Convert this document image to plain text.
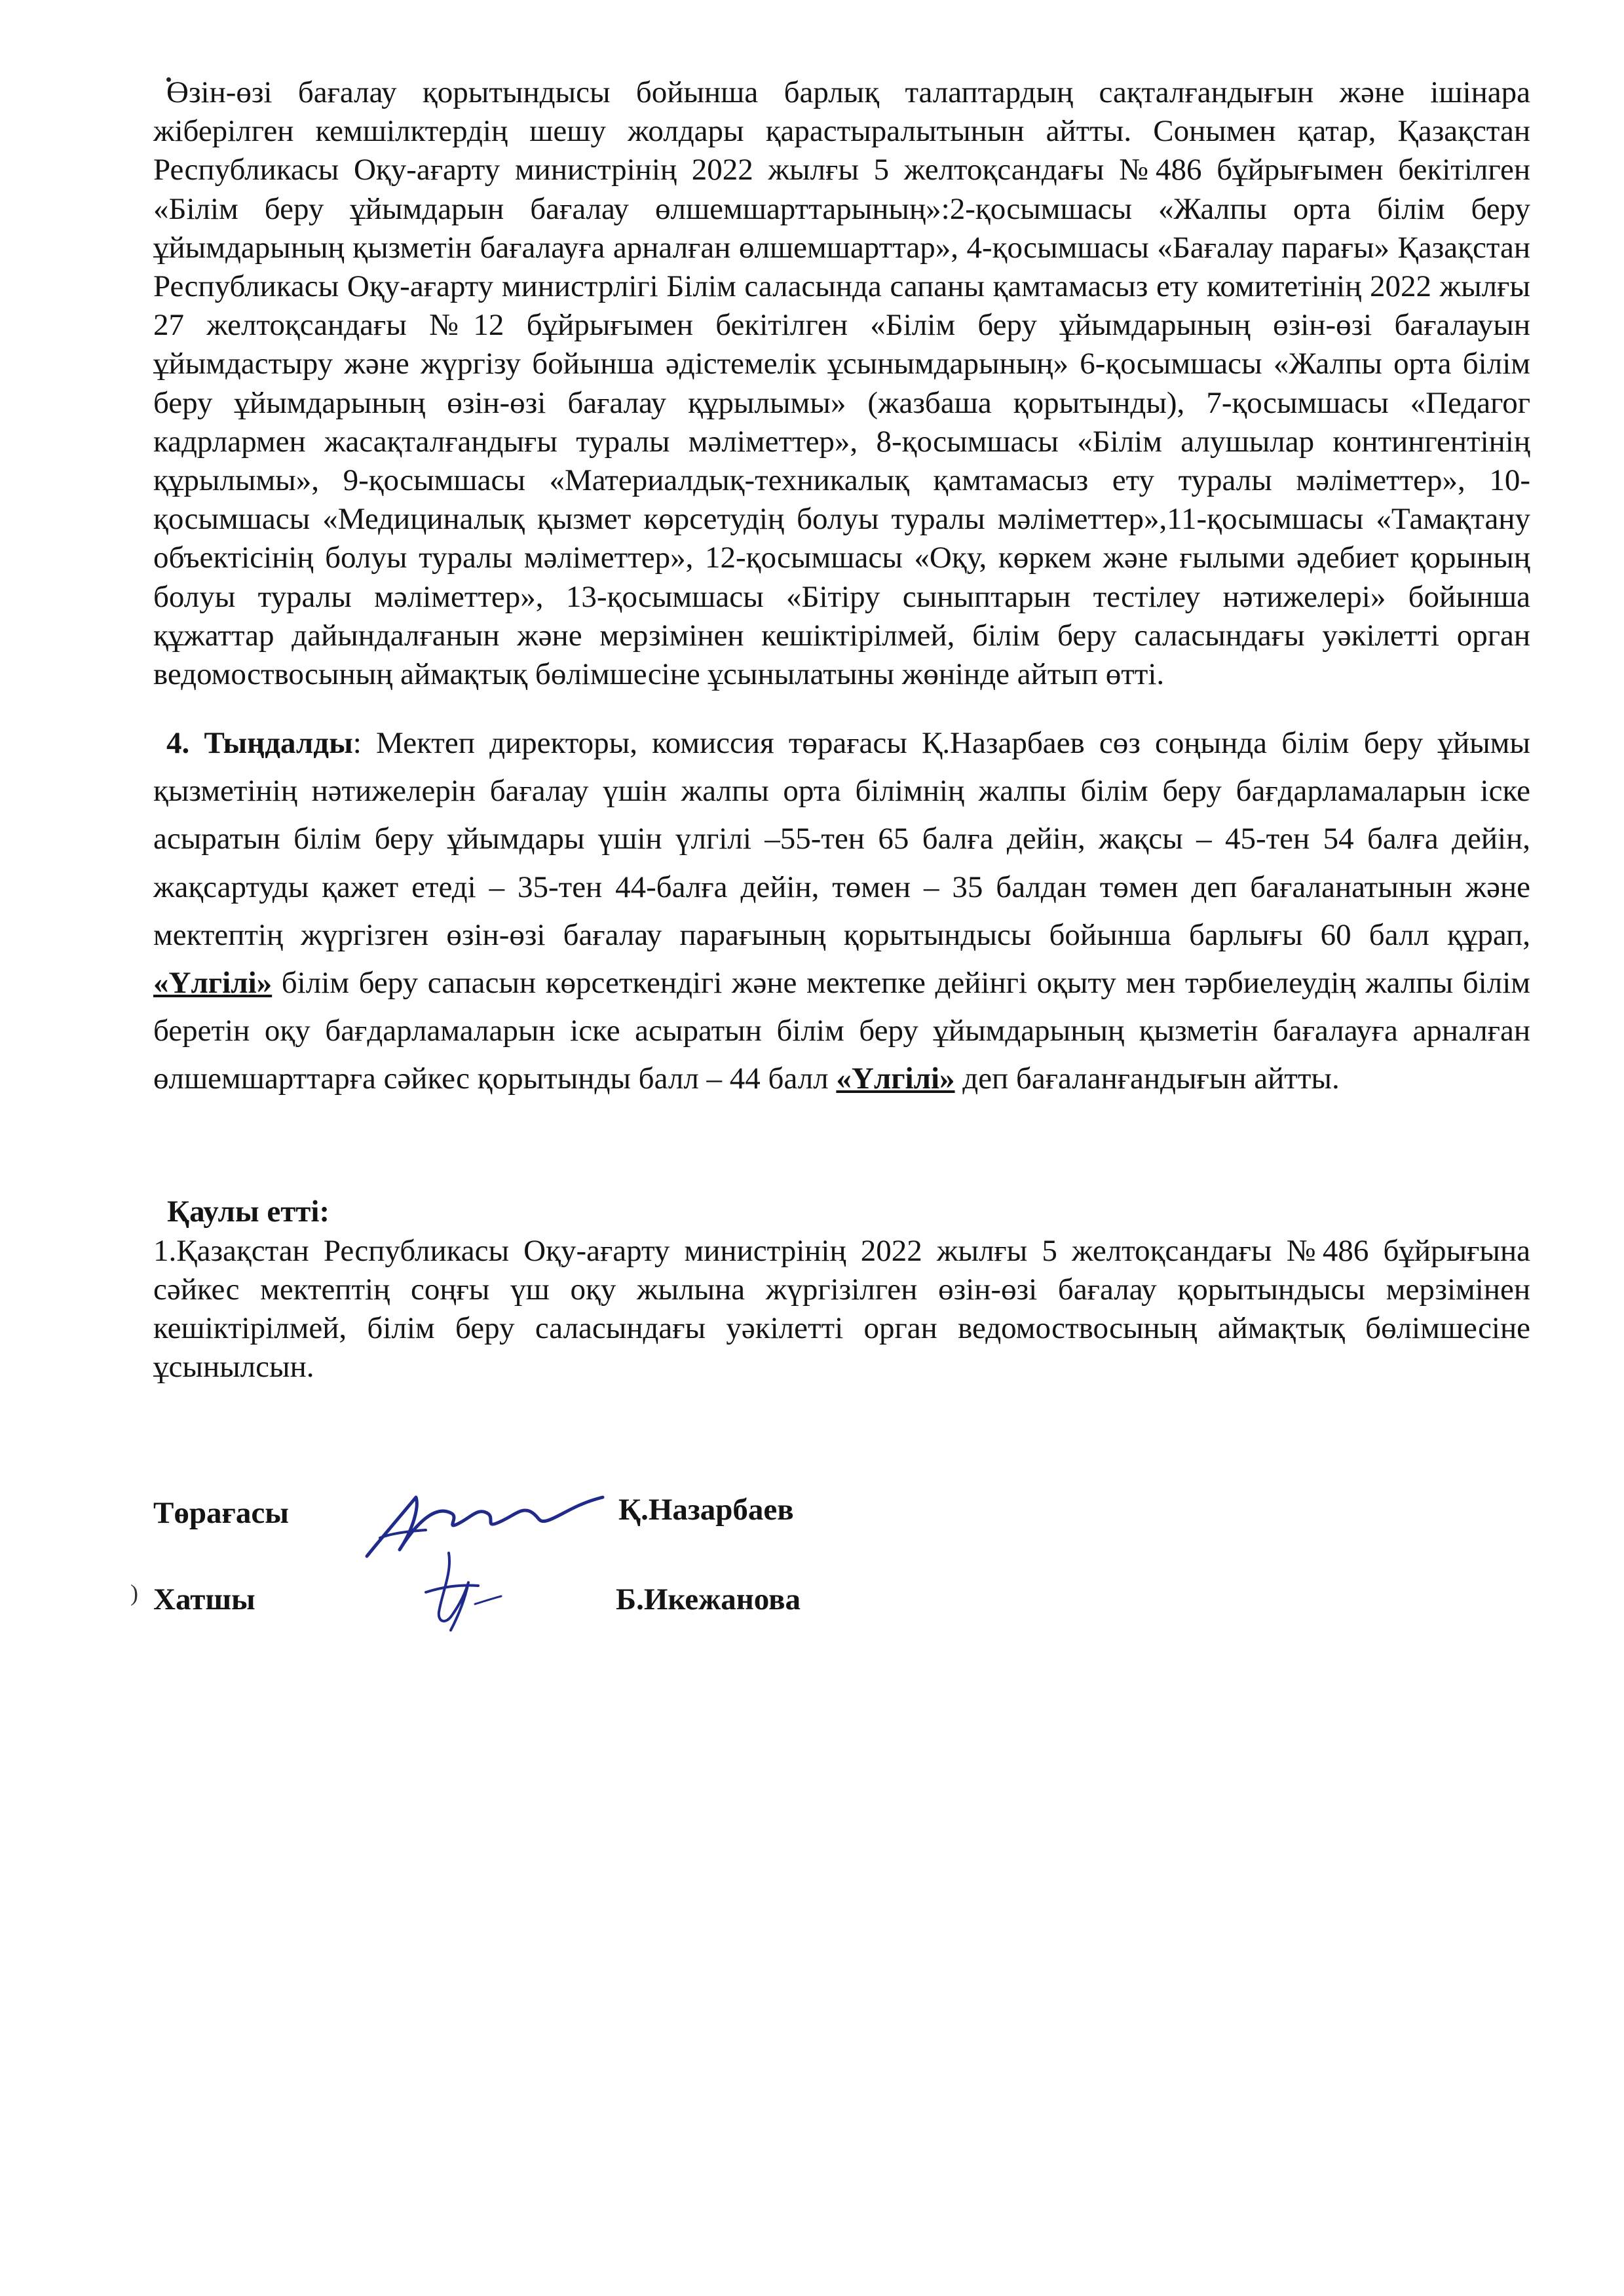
Өзін-өзі бағалау қорытындысы бойынша барлық талаптардың сақталғандығын және ішінара жіберілген кемшілктердің шешу жолдары қарастыралытынын айтты. Сонымен қатар, Қазақстан Республикасы Оқу-ағарту министрінің 2022 жылғы 5 желтоқсандағы №486 бұйрығымен бекітілген «Білім беру ұйымдарын бағалау өлшемшарттарының»:2-қосымшасы «Жалпы орта білім беру ұйымдарының қызметін бағалауға арналған өлшемшарттар», 4-қосымшасы «Бағалау парағы» Қазақстан Республикасы Оқу-ағарту министрлігі Білім саласында сапаны қамтамасыз ету комитетінің 2022 жылғы 27 желтоқсандағы №12 бұйрығымен бекітілген «Білім беру ұйымдарының өзін-өзі бағалауын ұйымдастыру және жүргізу бойынша әдістемелік ұсынымдарының» 6-қосымшасы «Жалпы орта білім беру ұйымдарының өзін-өзі бағалау құрылымы» (жазбаша қорытынды), 7-қосымшасы «Педагог кадрлармен жасақталғандығы туралы мәліметтер», 8-қосымшасы «Білім алушылар контингентінің құрылымы», 9-қосымшасы «Материалдық-техникалық қамтамасыз ету туралы мәліметтер», 10-қосымшасы «Медициналық қызмет көрсетудің болуы туралы мәліметтер»,11-қосымшасы «Тамақтану объектісінің болуы туралы мәліметтер», 12-қосымшасы «Оқу, көркем және ғылыми әдебиет қорының болуы туралы мәліметтер», 13-қосымшасы «Бітіру сыныптарын тестілеу нәтижелері» бойынша құжаттар дайындалғанын және мерзімінен кешіктірілмей, білім беру саласындағы уәкілетті орган ведомоствосының аймақтық бөлімшесіне ұсынылатыны жөнінде айтып өтті.
4. Тыңдалды: Мектеп директоры, комиссия төрағасы Қ.Назарбаев сөз соңында білім беру ұйымы қызметінің нәтижелерін бағалау үшін жалпы орта білімнің жалпы білім беру бағдарламаларын іске асыратын білім беру ұйымдары үшін үлгілі –55-тен 65 балға дейін, жақсы – 45-тен 54 балға дейін, жақсартуды қажет етеді – 35-тен 44-балға дейін, төмен – 35 балдан төмен деп бағаланатынын және мектептің жүргізген өзін-өзі бағалау парағының қорытындысы бойынша барлығы 60 балл құрап, «Үлгілі» білім беру сапасын көрсеткендігі және мектепке дейінгі оқыту мен тәрбиелеудің жалпы білім беретін оқу бағдарламаларын іске асыратын білім беру ұйымдарының қызметін бағалауға арналған өлшемшарттарға сәйкес қорытынды балл – 44 балл «Үлгілі» деп бағаланғандығын айтты.
Қаулы етті:
1.Қазақстан Республикасы Оқу-ағарту министрінің 2022 жылғы 5 желтоқсандағы №486 бұйрығына сәйкес мектептің соңғы үш оқу жылына жүргізілген өзін-өзі бағалау қорытындысы мерзімінен кешіктірілмей, білім беру саласындағы уәкілетті орган ведомоствосының аймақтық бөлімшесіне ұсынылсын.
Төрағасы	Қ.Назарбаев
) Хатшы	Б.Икежанова
